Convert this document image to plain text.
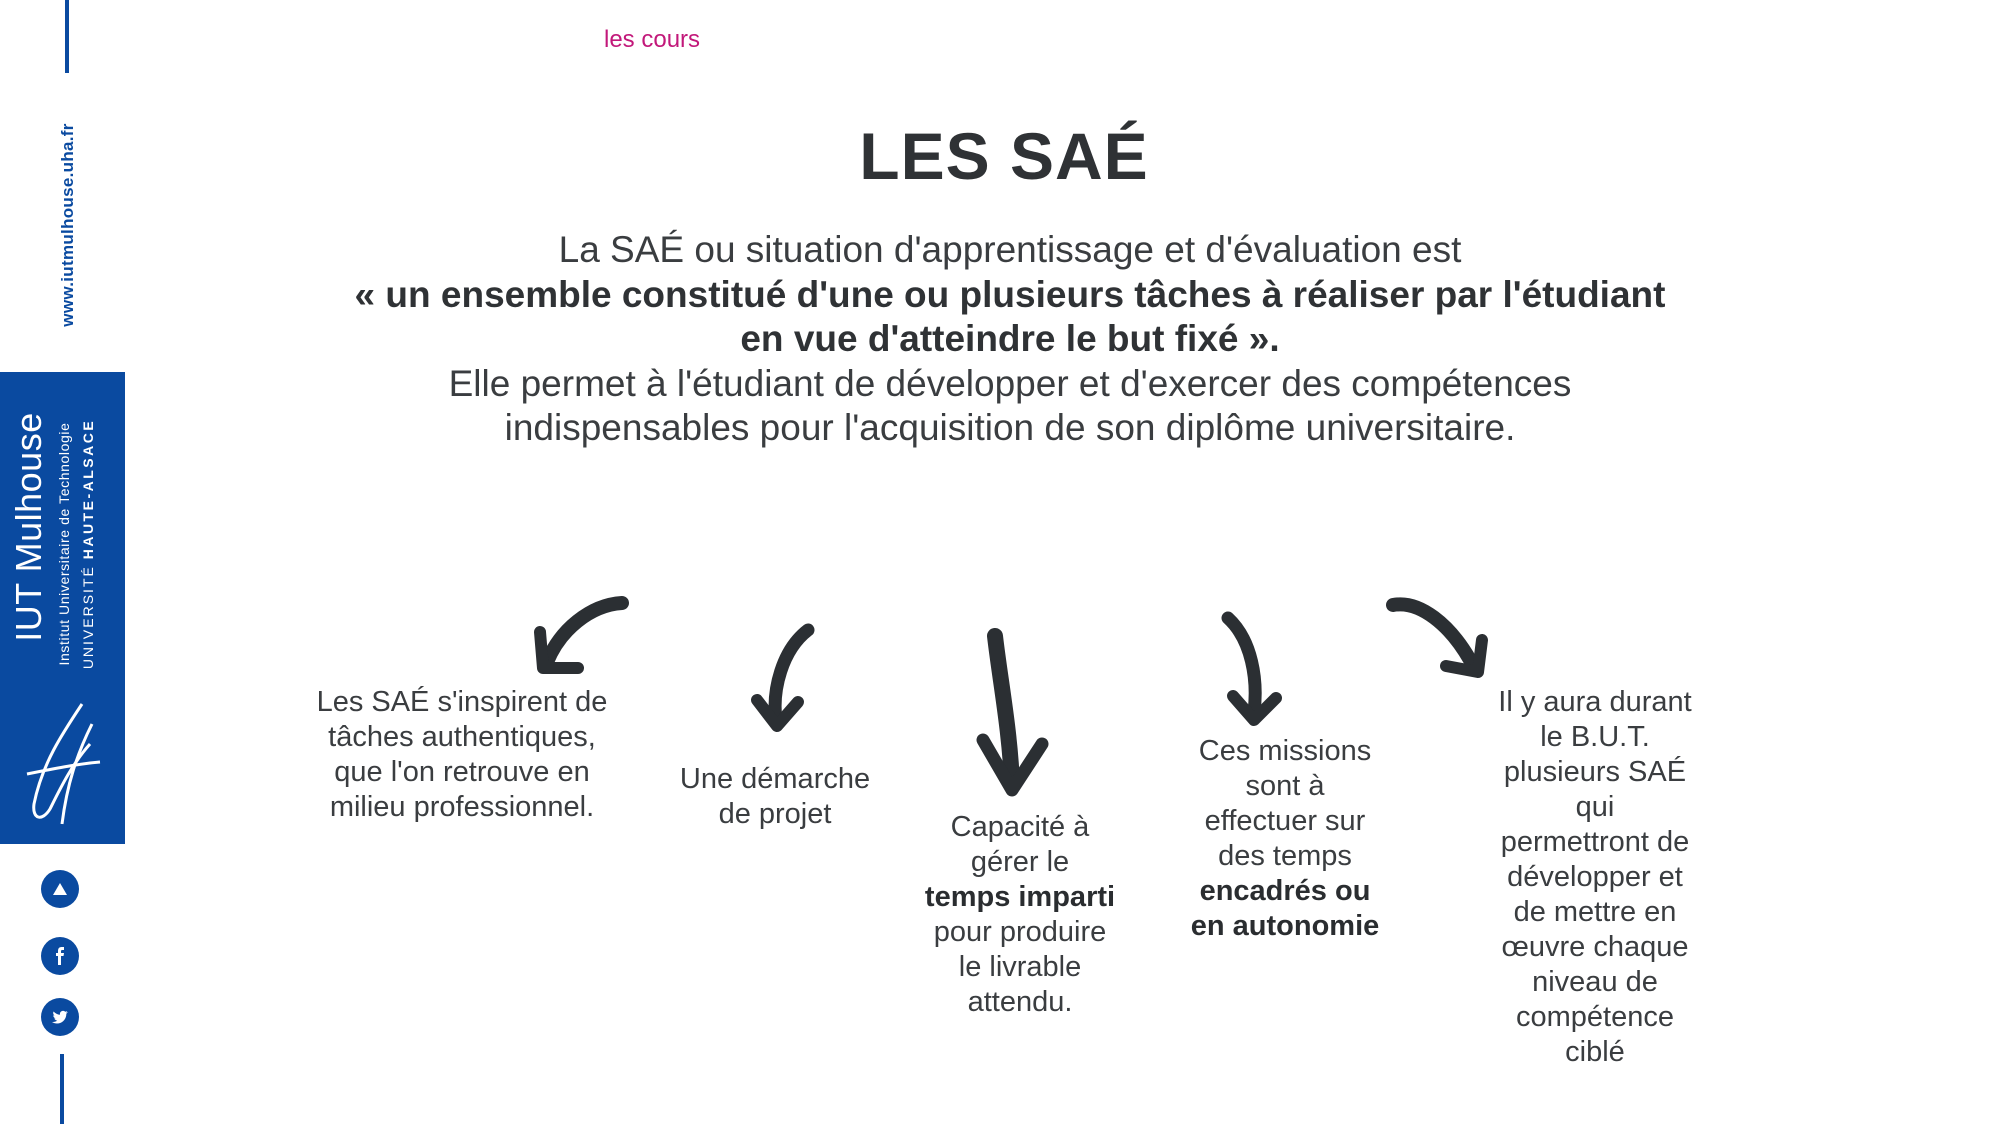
www.iutmulhouse.uha.fr
IUT Mulhouse Institut Universitaire de Technologie UNIVERSITÉ HAUTE-ALSACE
les cours
LES SAÉ
La SAÉ ou situation d'apprentissage et d'évaluation est
« un ensemble constitué d'une ou plusieurs tâches à réaliser par l'étudiant
en vue d'atteindre le but fixé ».
Elle permet à l'étudiant de développer et d'exercer des compétences
indispensables pour l'acquisition de son diplôme universitaire.
Les SAÉ s'inspirent de
tâches authentiques,
que l'on retrouve en
milieu professionnel.
Une démarche
de projet	Capacité à
gérer le
temps imparti
pour produire
le livrable
attendu.
Ces missions
sont à
effectuer sur
des temps
encadrés ou
en autonomie
Il y aura durant
le B.U.T.
plusieurs SAÉ
qui
permettront de
développer et
de mettre en
œuvre chaque
niveau de
compétence
ciblé
